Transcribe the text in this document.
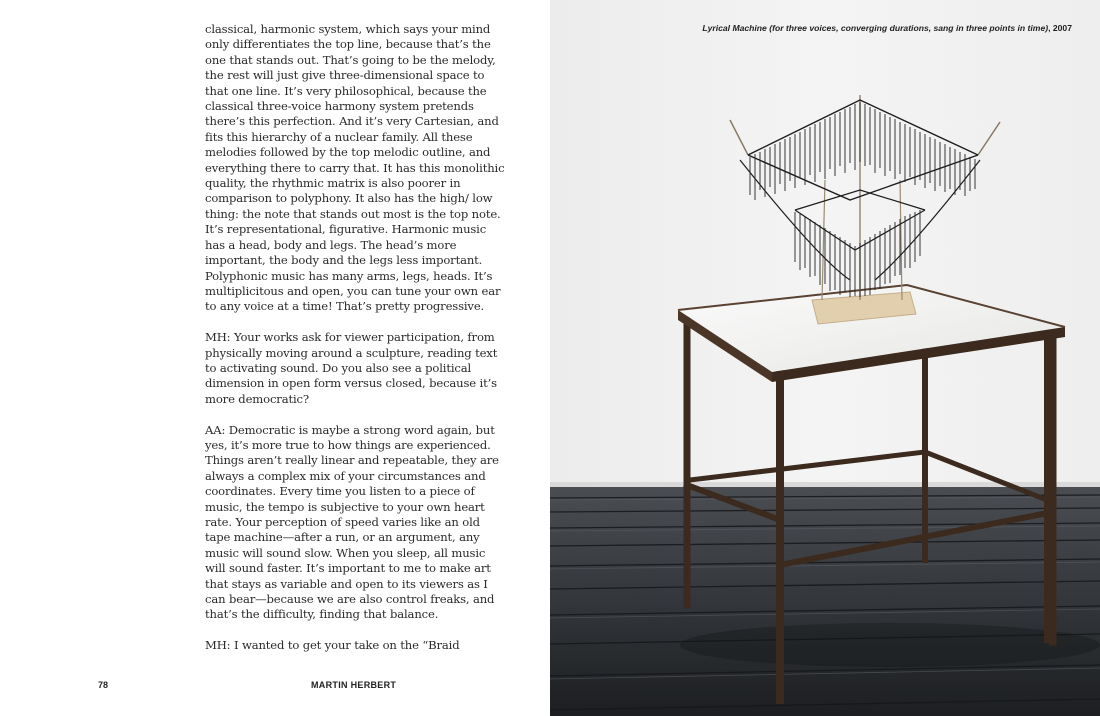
classical, harmonic system, which says your mind only differentiates the top line, because that’s the one that stands out. That’s going to be the melody, the rest will just give three-dimensional space to that one line. It’s very philosophical, because the classical three-voice harmony system pretends there’s this perfection. And it’s very Cartesian, and fits this hierarchy of a nuclear family. All these melodies followed by the top melodic outline, and everything there to carry that. It has this monolithic quality, the rhythmic matrix is also poorer in comparison to polyphony. It also has the high/ low thing: the note that stands out most is the top note. It’s representational, figurative. Harmonic music has a head, body and legs. The head’s more important, the body and the legs less important. Polyphonic music has many arms, legs, heads. It’s multiplicitous and open, you can tune your own ear to any voice at a time! That’s pretty progressive.

MH: Your works ask for viewer participation, from physically moving around a sculpture, reading text to activating sound. Do you also see a political dimension in open form versus closed, because it’s more democratic?

AA: Democratic is maybe a strong word again, but yes, it’s more true to how things are experienced. Things aren’t really linear and repeatable, they are always a complex mix of your circumstances and coordinates. Every time you listen to a piece of music, the tempo is subjective to your own heart rate. Your perception of speed varies like an old tape machine—after a run, or an argument, any music will sound slow. When you sleep, all music will sound faster. It’s important to me to make art that stays as variable and open to its viewers as I can bear—because we are also control freaks, and that’s the difficulty, finding that balance.

MH: I wanted to get your take on the “Braid

78	MARTIN HERBERT
Lyrical Machine (for three voices, converging durations, sang in three points in time), 2007
